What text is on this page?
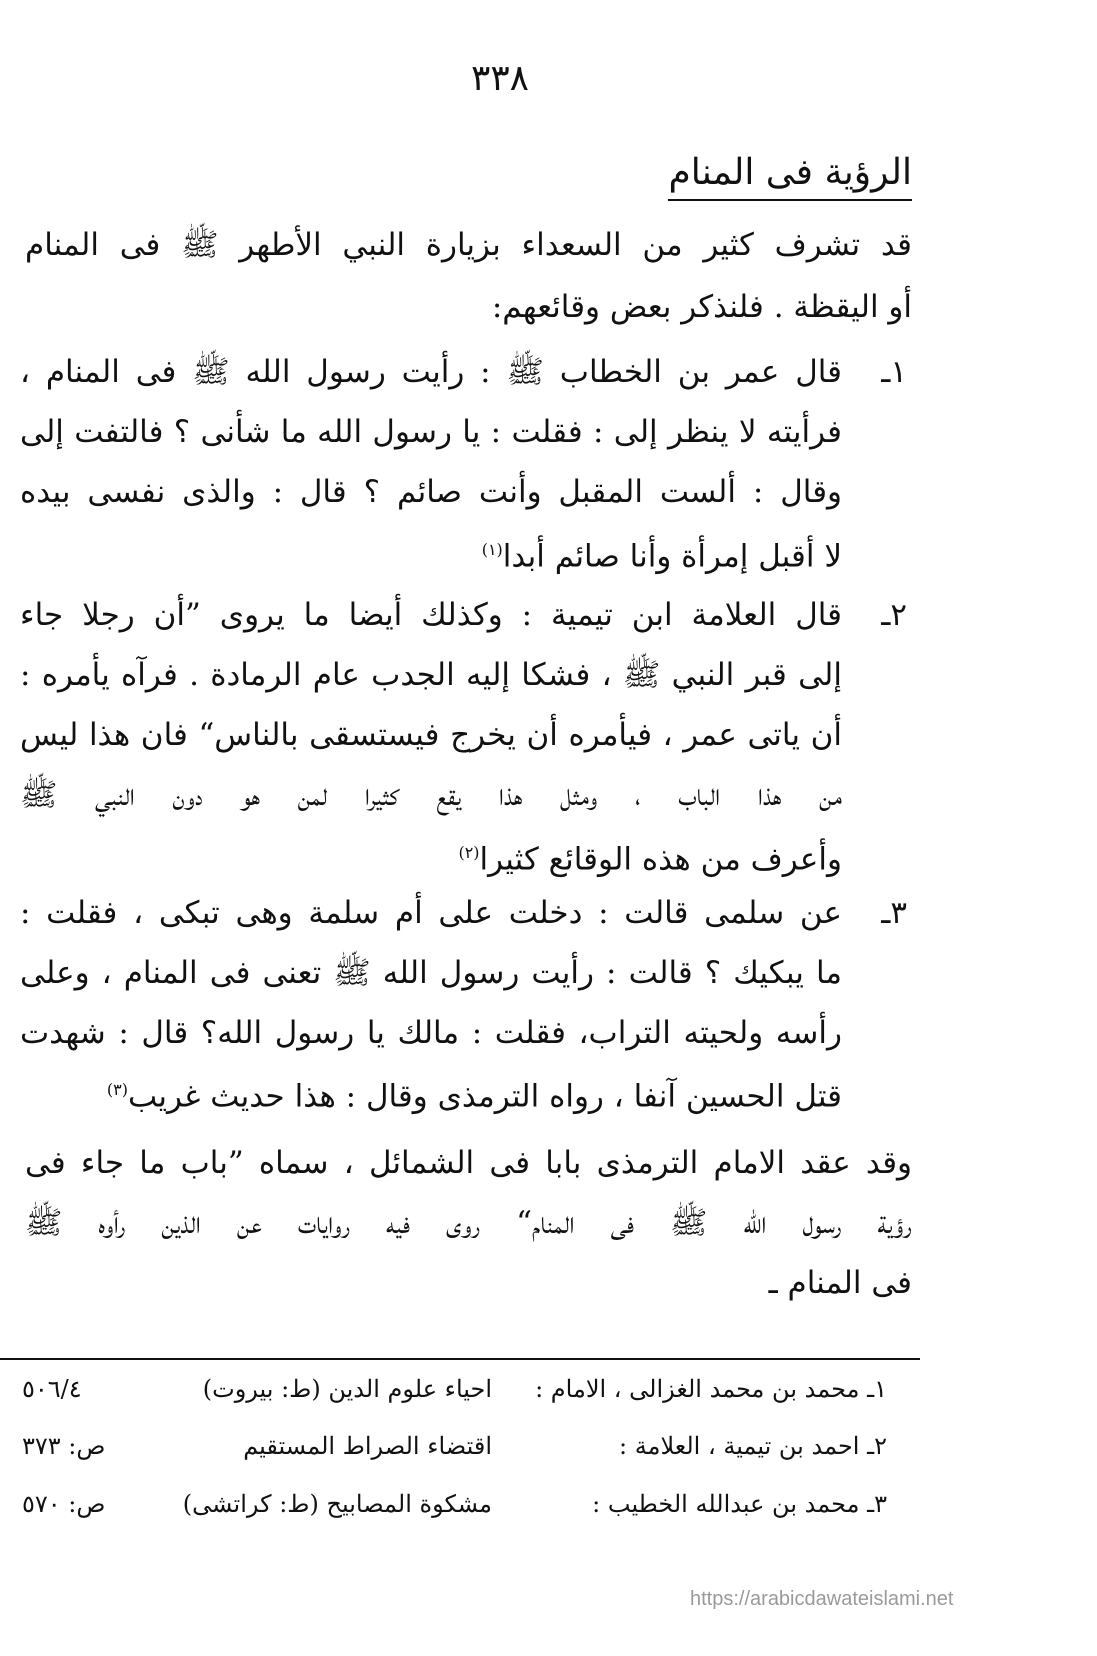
٣٣٨
الرؤية فى المنام
قد تشرف كثير من السعداء بزيارة النبي الأطهر ﷺ فى المنام
أو اليقظة . فلنذكر بعض وقائعهم:
١ـ
قال عمر بن الخطاب ﷺ : رأيت رسول الله ﷺ فى المنام ،
فرأيته لا ينظر إلى : فقلت : يا رسول الله ما شأنى ؟ فالتفت إلى
وقال : ألست المقبل وأنت صائم ؟ قال : والذى نفسى بيده
لا أقبل إمرأة وأنا صائم أبدا$^{(١)}$
٢ـ
قال العلامة ابن تيمية : وكذلك أيضا ما يروى ”أن رجلا جاء
إلى قبر النبي ﷺ ، فشكا إليه الجدب عام الرمادة . فرآه يأمره :
أن ياتى عمر ، فيأمره أن يخرج فيستسقى بالناس“ فان هذا ليس
من هذا الباب ، ومثل هذا يقع كثيرا لمن هو دون النبي ﷺ
وأعرف من هذه الوقائع كثيرا$^{(٢)}$
٣ـ
عن سلمى قالت : دخلت على أم سلمة وهى تبكى ، فقلت :
ما يبكيك ؟ قالت : رأيت رسول الله ﷺ تعنى فى المنام ، وعلى
رأسه ولحيته التراب، فقلت : مالك يا رسول الله؟ قال : شهدت
قتل الحسين آنفا ، رواه الترمذى وقال : هذا حديث غريب$^{(٣)}$
وقد عقد الامام الترمذى بابا فى الشمائل ، سماه ”باب ما جاء فى
رؤية رسول الله ﷺ فى المنام“ روى فيه روايات عن الذين رأوه ﷺ
فى المنام ـ
١ـ محمد بن محمد الغزالى ، الامام :
احياء علوم الدين (ط: بيروت)
٥٠٦/٤
٢ـ احمد بن تيمية ، العلامة :
اقتضاء الصراط المستقيم
ص: ٣٧٣
٣ـ محمد بن عبدالله الخطيب :
مشكوة المصابيح (ط: كراتشى)
ص: ٥٧٠
https://arabicdawateislami.net
